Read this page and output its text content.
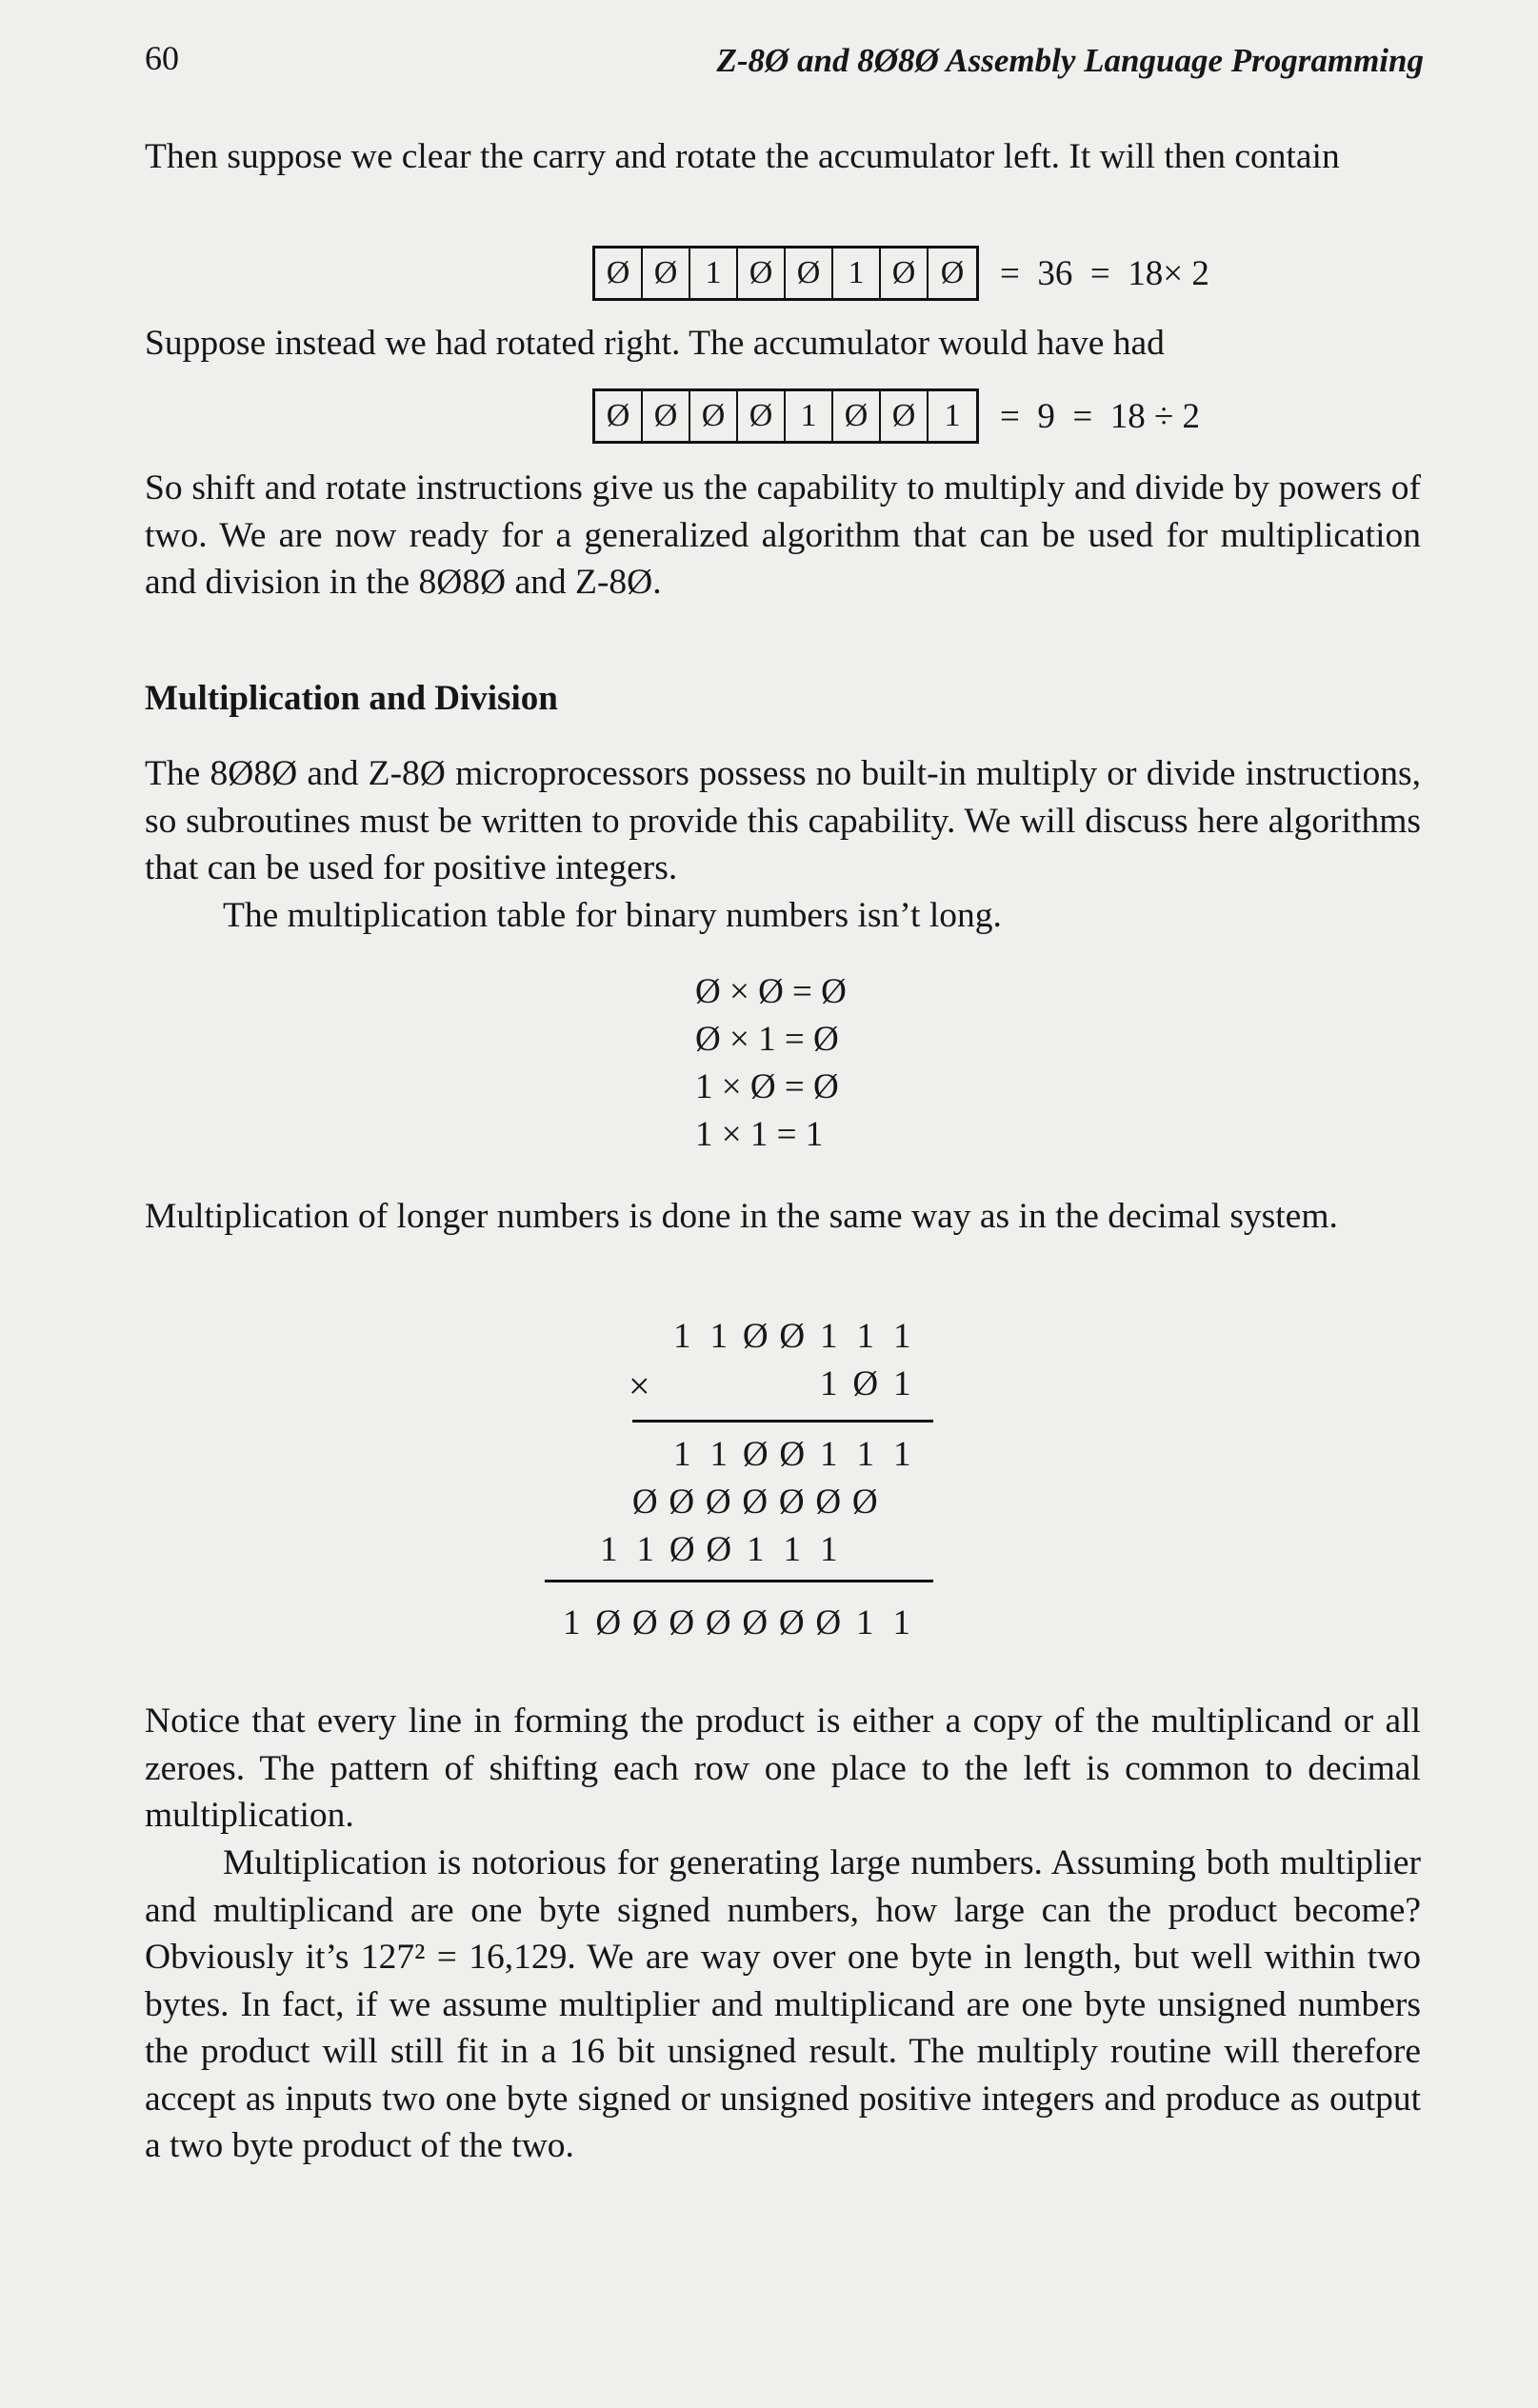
60	Z-8Ø and 8Ø8Ø Assembly Language Programming

Then suppose we clear the carry and rotate the accumulator left. It will then contain

Ø Ø 1 Ø Ø 1 Ø Ø	=  36  =  18× 2

Suppose instead we had rotated right. The accumulator would have had

Ø Ø Ø Ø 1 Ø Ø 1	=  9  =  18 ÷ 2

So shift and rotate instructions give us the capability to multiply and divide by powers of two. We are now ready for a generalized algorithm that can be used for multiplication and division in the 8Ø8Ø and Z-8Ø.

Multiplication and Division

The 8Ø8Ø and Z-8Ø microprocessors possess no built-in multiply or divide instructions, so subroutines must be written to provide this capability. We will discuss here algorithms that can be used for positive integers.

The multiplication table for binary numbers isn’t long.

Ø × Ø = Ø
Ø × 1 = Ø
1 × Ø = Ø
1 × 1 = 1

Multiplication of longer numbers is done in the same way as in the decimal system.

1 1 Ø Ø 1 1 1
×	1 Ø 1
1 1 Ø Ø 1 1 1
Ø Ø Ø Ø Ø Ø Ø
1 1 Ø Ø 1 1 1
1 Ø Ø Ø Ø Ø Ø Ø 1 1

Notice that every line in forming the product is either a copy of the multiplicand or all zeroes. The pattern of shifting each row one place to the left is common to decimal multiplication.

Multiplication is notorious for generating large numbers. Assuming both multiplier and multiplicand are one byte signed numbers, how large can the product become? Obviously it’s 127² = 16,129. We are way over one byte in length, but well within two bytes. In fact, if we assume multiplier and multiplicand are one byte unsigned numbers the product will still fit in a 16 bit unsigned result. The multiply routine will therefore accept as inputs two one byte signed or unsigned positive integers and produce as output a two byte product of the two.
